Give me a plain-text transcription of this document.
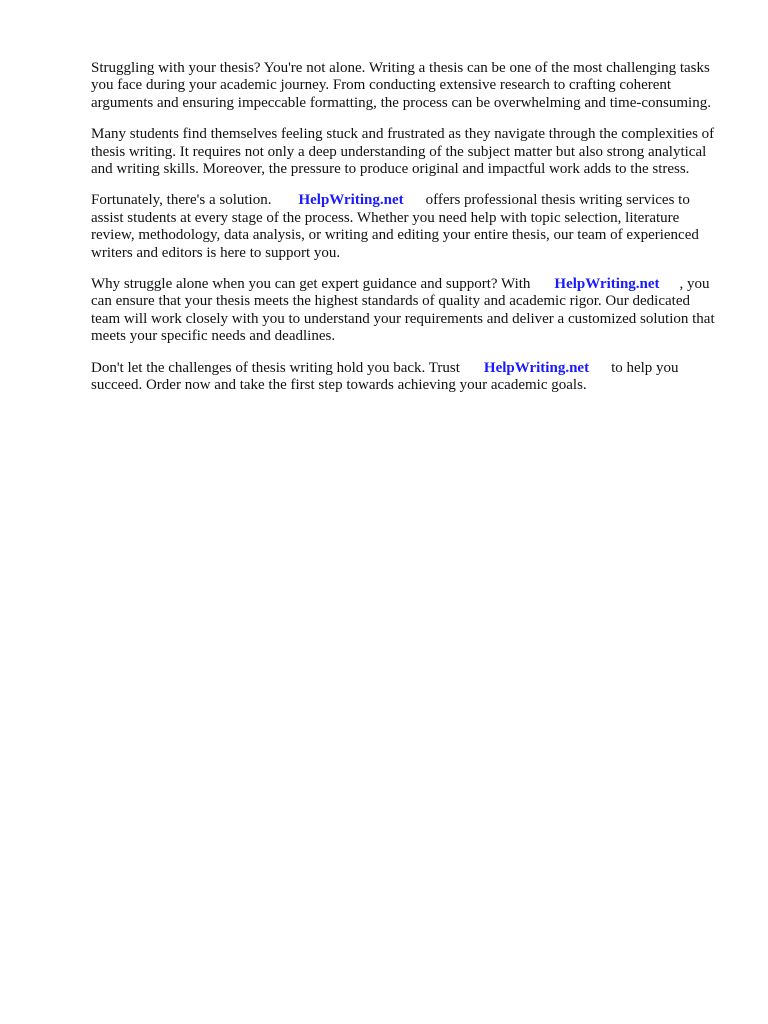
Struggling with your thesis? You're not alone. Writing a thesis can be one of the most challenging tasks you face during your academic journey. From conducting extensive research to crafting coherent arguments and ensuring impeccable formatting, the process can be overwhelming and time-consuming.

Many students find themselves feeling stuck and frustrated as they navigate through the complexities of thesis writing. It requires not only a deep understanding of the subject matter but also strong analytical and writing skills. Moreover, the pressure to produce original and impactful work adds to the stress.

Fortunately, there's a solution. HelpWriting.net offers professional thesis writing services to assist students at every stage of the process. Whether you need help with topic selection, literature review, methodology, data analysis, or writing and editing your entire thesis, our team of experienced writers and editors is here to support you.

Why struggle alone when you can get expert guidance and support? With HelpWriting.net , you can ensure that your thesis meets the highest standards of quality and academic rigor. Our dedicated team will work closely with you to understand your requirements and deliver a customized solution that meets your specific needs and deadlines.

Don't let the challenges of thesis writing hold you back. Trust HelpWriting.net to help you succeed. Order now and take the first step towards achieving your academic goals.
